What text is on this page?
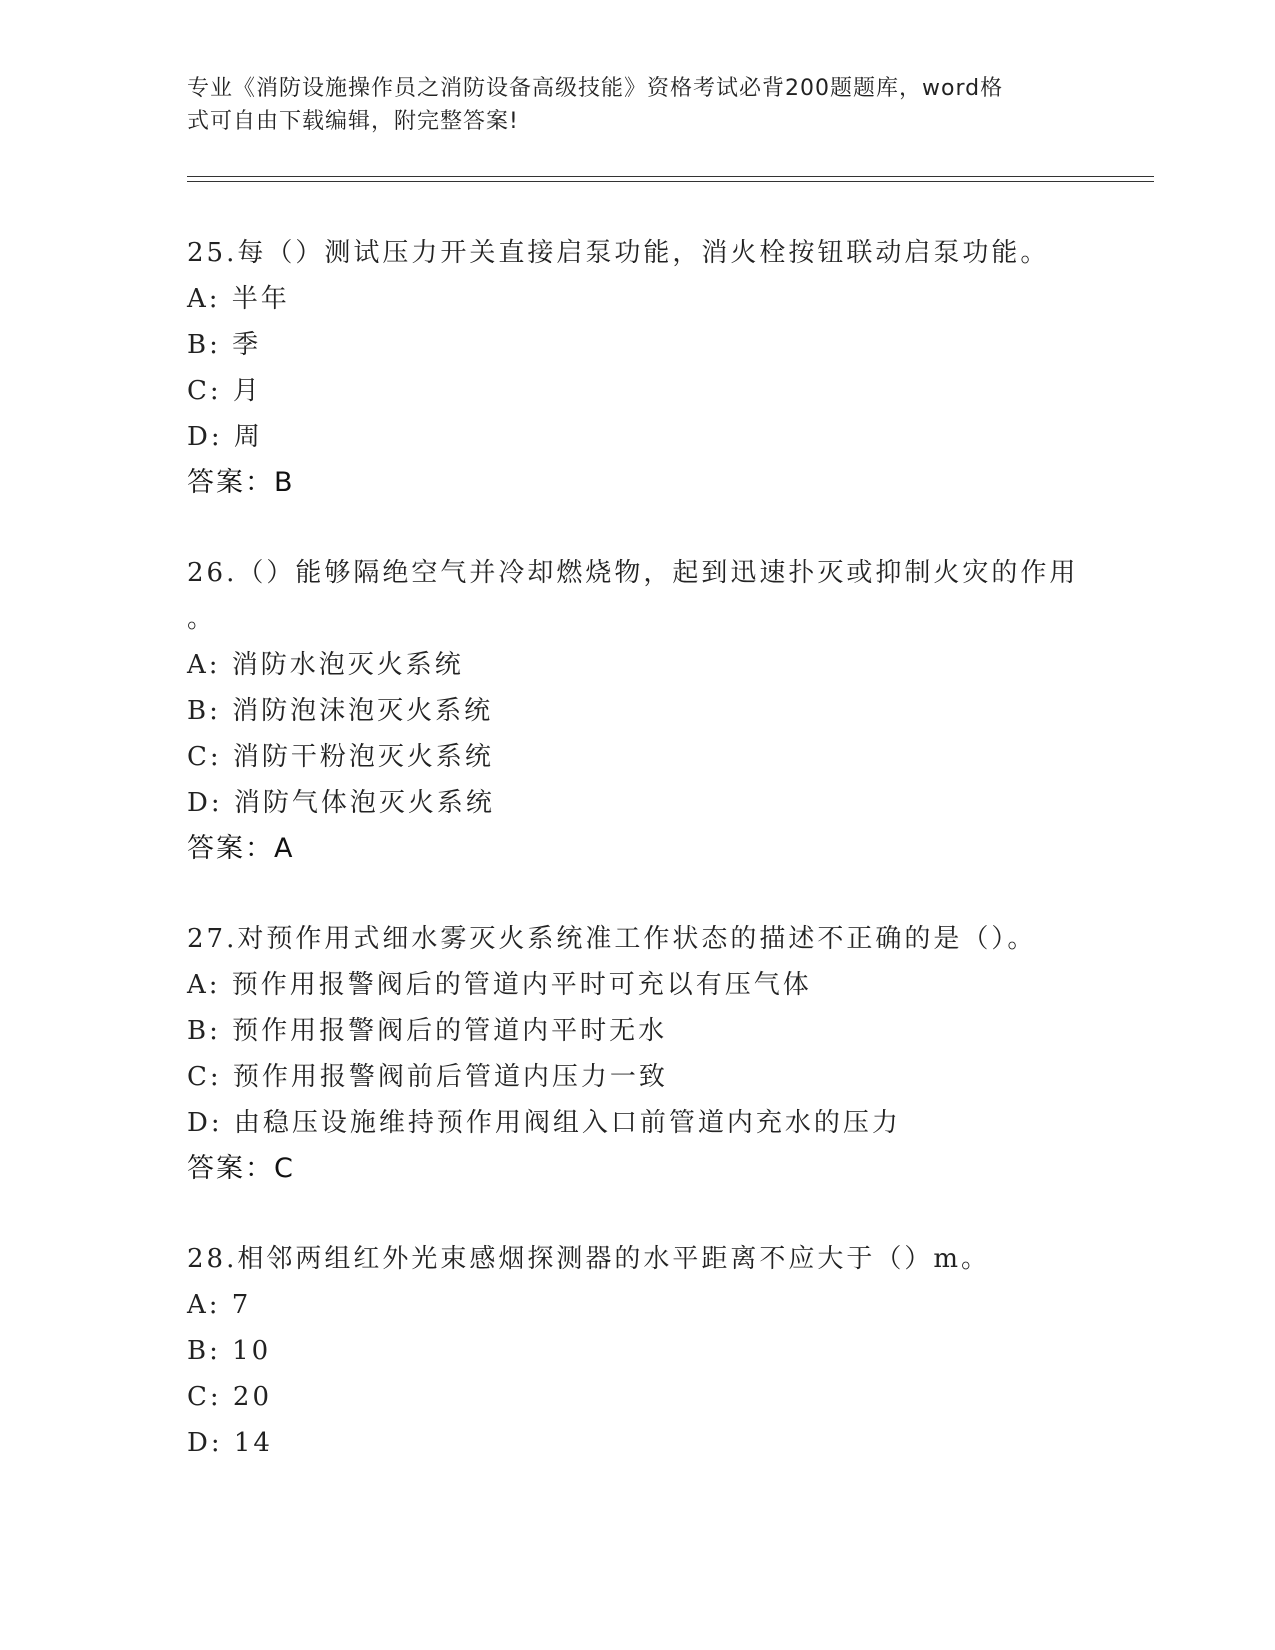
专业《消防设施操作员之消防设备高级技能》资格考试必背200题题库，word格
式可自由下载编辑，附完整答案!
25.每（）测试压力开关直接启泵功能，消火栓按钮联动启泵功能。
A: 半年
B: 季
C: 月
D: 周
答案：B
26.（）能够隔绝空气并冷却燃烧物，起到迅速扑灭或抑制火灾的作用
。
A: 消防水泡灭火系统
B: 消防泡沫泡灭火系统
C: 消防干粉泡灭火系统
D: 消防气体泡灭火系统
答案：A
27.对预作用式细水雾灭火系统准工作状态的描述不正确的是（）。
A: 预作用报警阀后的管道内平时可充以有压气体
B: 预作用报警阀后的管道内平时无水
C: 预作用报警阀前后管道内压力一致
D: 由稳压设施维持预作用阀组入口前管道内充水的压力
答案：C
28.相邻两组红外光束感烟探测器的水平距离不应大于（）m。
A: 7
B: 10
C: 20
D: 14
